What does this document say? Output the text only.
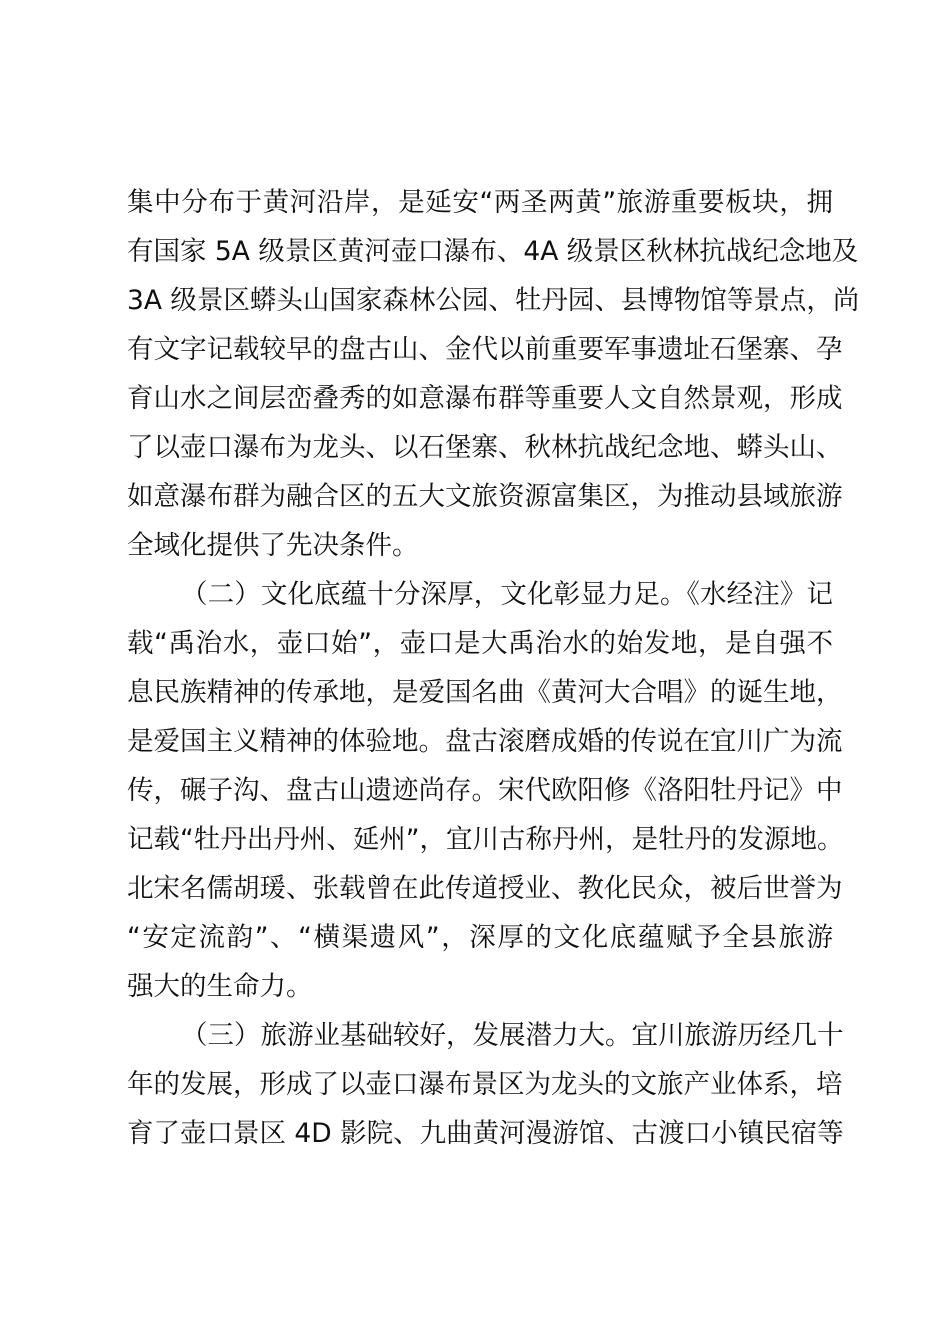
集中分布于黄河沿岸，是延安“两圣两黄”旅游重要板块，拥
有国家 5A 级景区黄河壶口瀑布、4A 级景区秋林抗战纪念地及
3A 级景区蟒头山国家森林公园、牡丹园、县博物馆等景点，尚
有文字记载较早的盘古山、金代以前重要军事遗址石堡寨、孕
育山水之间层峦叠秀的如意瀑布群等重要人文自然景观，形成
了以壶口瀑布为龙头、以石堡寨、秋林抗战纪念地、蟒头山、
如意瀑布群为融合区的五大文旅资源富集区，为推动县域旅游
全域化提供了先决条件。
（二）文化底蕴十分深厚，文化彰显力足。《水经注》记
载“禹治水，壶口始”，壶口是大禹治水的始发地，是自强不
息民族精神的传承地，是爱国名曲《黄河大合唱》的诞生地，
是爱国主义精神的体验地。盘古滚磨成婚的传说在宜川广为流
传，碾子沟、盘古山遗迹尚存。宋代欧阳修《洛阳牡丹记》中
记载“牡丹出丹州、延州”，宜川古称丹州，是牡丹的发源地。
北宋名儒胡瑗、张载曾在此传道授业、教化民众，被后世誉为
“安定流韵”、“横渠遗风”，深厚的文化底蕴赋予全县旅游
强大的生命力。
（三）旅游业基础较好，发展潜力大。宜川旅游历经几十
年的发展，形成了以壶口瀑布景区为龙头的文旅产业体系，培
育了壶口景区 4D 影院、九曲黄河漫游馆、古渡口小镇民宿等
